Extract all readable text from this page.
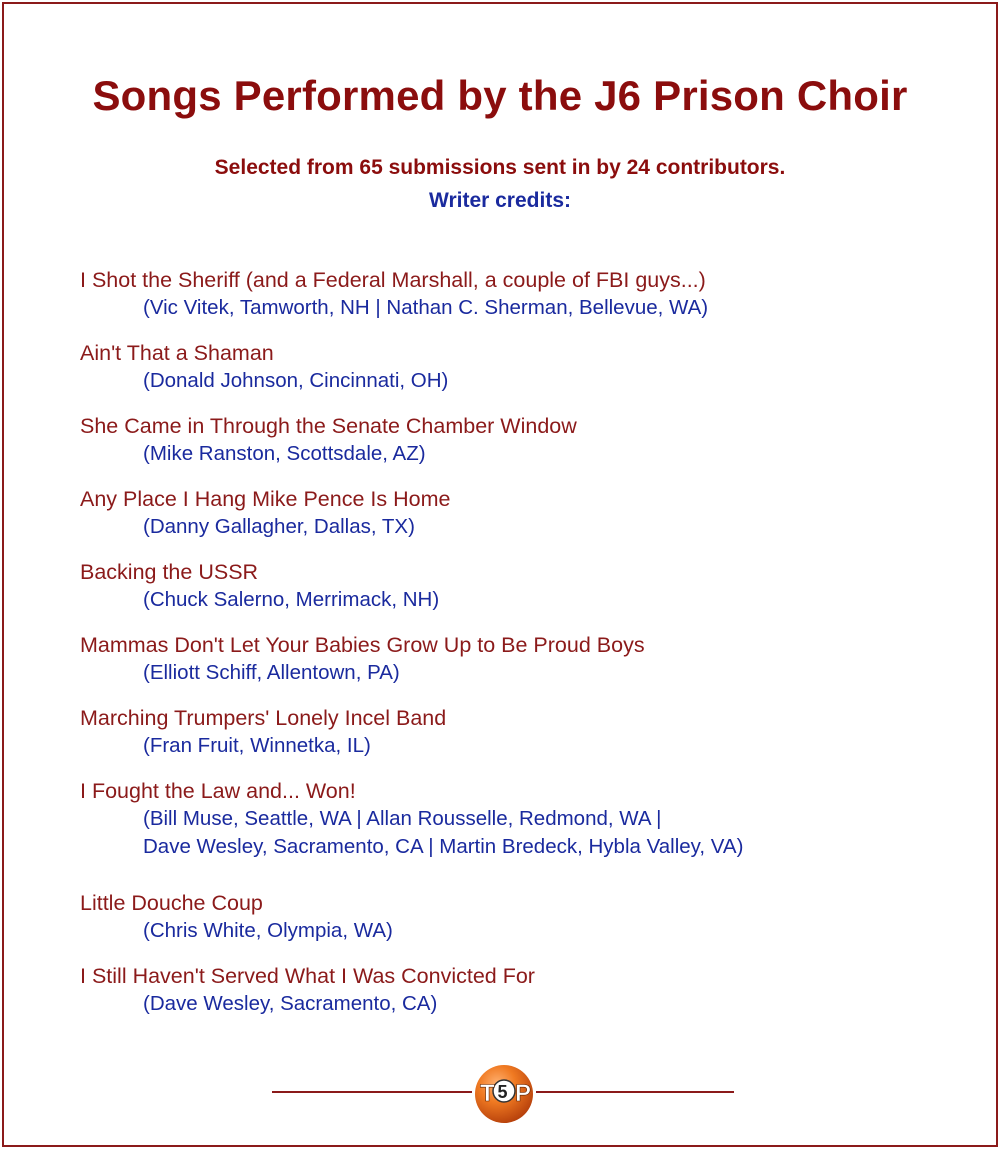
Songs Performed by the J6 Prison Choir
Selected from 65 submissions sent in by 24 contributors.
Writer credits:
I Shot the Sheriff (and a Federal Marshall, a couple of FBI guys...)
(Vic Vitek, Tamworth, NH | Nathan C. Sherman, Bellevue, WA)
Ain't That a Shaman
(Donald Johnson, Cincinnati, OH)
She Came in Through the Senate Chamber Window
(Mike Ranston, Scottsdale, AZ)
Any Place I Hang Mike Pence Is Home
(Danny Gallagher, Dallas, TX)
Backing the USSR
(Chuck Salerno, Merrimack, NH)
Mammas Don't Let Your Babies Grow Up to Be Proud Boys
(Elliott Schiff, Allentown, PA)
Marching Trumpers' Lonely Incel Band
(Fran Fruit, Winnetka, IL)
I Fought the Law and... Won!
(Bill Muse, Seattle, WA | Allan Rousselle, Redmond, WA |
Dave Wesley, Sacramento, CA | Martin Bredeck, Hybla Valley, VA)
Little Douche Coup
(Chris White, Olympia, WA)
I Still Haven't Served What I Was Convicted For
(Dave Wesley, Sacramento, CA)
T 5 P
